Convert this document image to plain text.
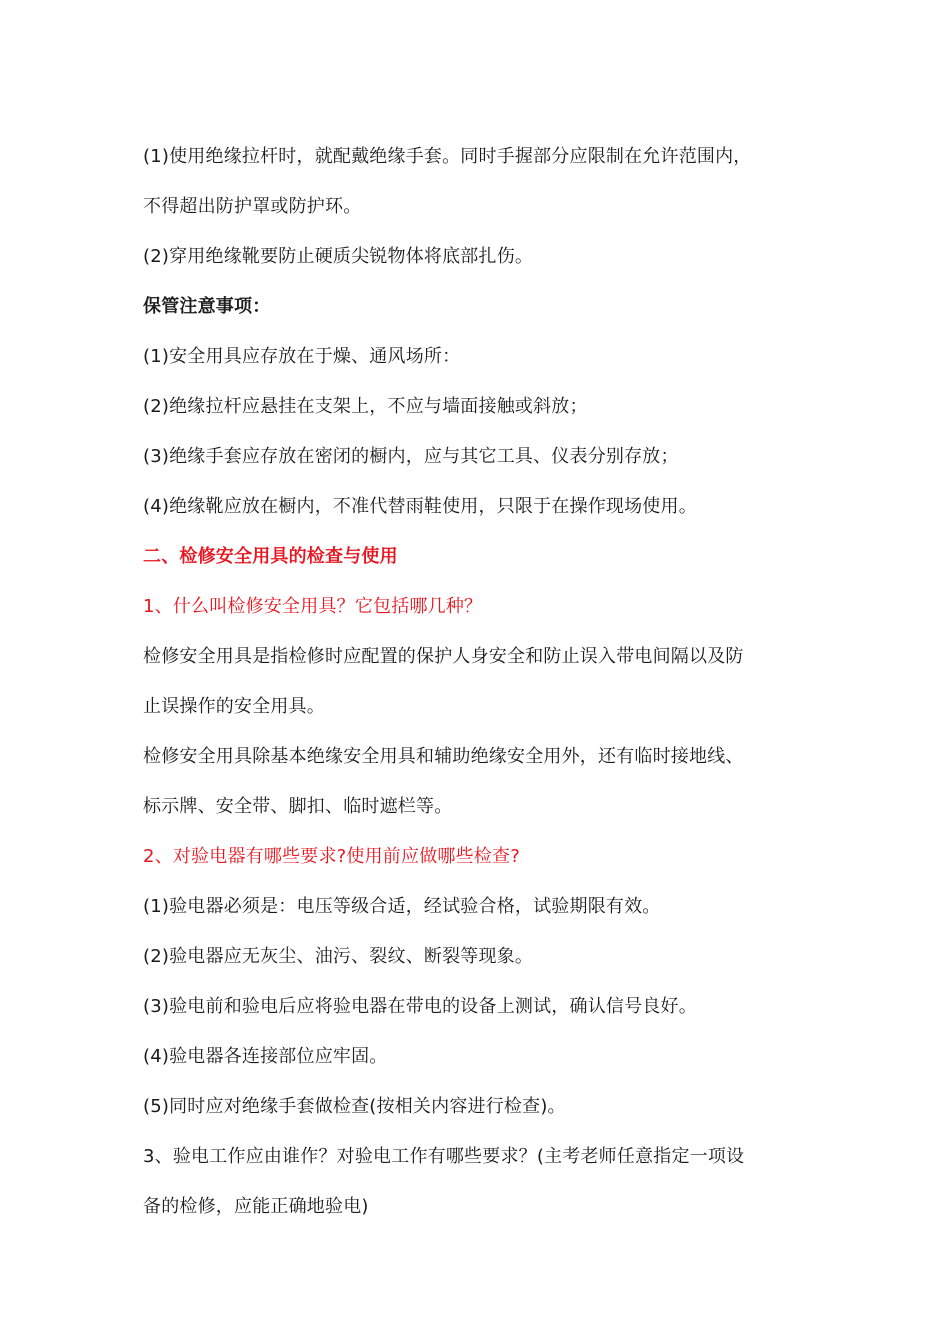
(1)使用绝缘拉杆时，就配戴绝缘手套。同时手握部分应限制在允许范围内，
不得超出防护罩或防护环。
(2)穿用绝缘靴要防止硬质尖锐物体将底部扎伤。
保管注意事项：
(1)安全用具应存放在于燥、通风场所：
(2)绝缘拉杆应悬挂在支架上，不应与墙面接触或斜放；
(3)绝缘手套应存放在密闭的橱内，应与其它工具、仪表分别存放；
(4)绝缘靴应放在橱内，不准代替雨鞋使用，只限于在操作现场使用。
二、检修安全用具的检查与使用
1、什么叫检修安全用具？它包括哪几种？
检修安全用具是指检修时应配置的保护人身安全和防止误入带电间隔以及防
止误操作的安全用具。
检修安全用具除基本绝缘安全用具和辅助绝缘安全用外，还有临时接地线、
标示牌、安全带、脚扣、临时遮栏等。
2、对验电器有哪些要求?使用前应做哪些检查?
(1)验电器必须是：电压等级合适，经试验合格，试验期限有效。
(2)验电器应无灰尘、油污、裂纹、断裂等现象。
(3)验电前和验电后应将验电器在带电的设备上测试，确认信号良好。
(4)验电器各连接部位应牢固。
(5)同时应对绝缘手套做检查(按相关内容进行检查)。
3、验电工作应由谁作？对验电工作有哪些要求？(主考老师任意指定一项设
备的检修，应能正确地验电)
